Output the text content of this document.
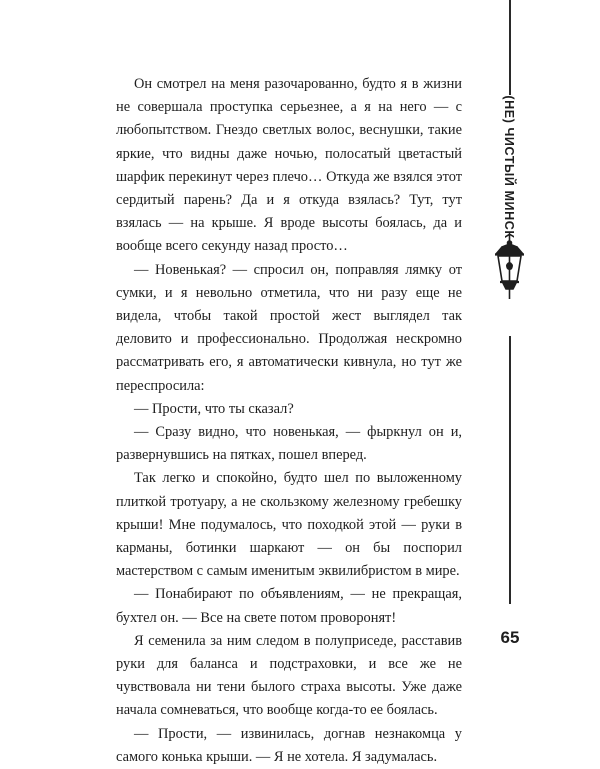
(НЕ) ЧИСТЫЙ МИНСК

Он смотрел на меня разочарованно, будто я в жизни не совершала проступка серьезнее, а я на него — с любопытством. Гнездо светлых волос, веснушки, такие яркие, что видны даже ночью, полосатый цветастый шарфик перекинут через плечо… Откуда же взялся этот сердитый парень? Да и я откуда взялась? Тут, тут взялась — на крыше. Я вроде высоты боялась, да и вообще всего секунду назад просто…

— Новенькая? — спросил он, поправляя лямку от сумки, и я невольно отметила, что ни разу еще не видела, чтобы такой простой жест выглядел так деловито и профессионально. Продолжая нескромно рассматривать его, я автоматически кивнула, но тут же переспросила:

— Прости, что ты сказал?

— Сразу видно, что новенькая, — фыркнул он и, развернувшись на пятках, пошел вперед.

Так легко и спокойно, будто шел по выложенному плиткой тротуару, а не скользкому железному гребешку крыши! Мне подумалось, что походкой этой — руки в карманы, ботинки шаркают — он бы поспорил мастерством с самым именитым эквилибристом в мире.

— Понабирают по объявлениям, — не прекращая, бухтел он. — Все на свете потом проворонят!

Я семенила за ним следом в полуприседе, расставив руки для баланса и подстраховки, и все же не чувствовала ни тени былого страха высоты. Уже даже начала сомневаться, что вообще когда-то ее боялась.

— Прости, — извинилась, догнав незнакомца у самого конька крыши. — Я не хотела. Я задумалась.

65
